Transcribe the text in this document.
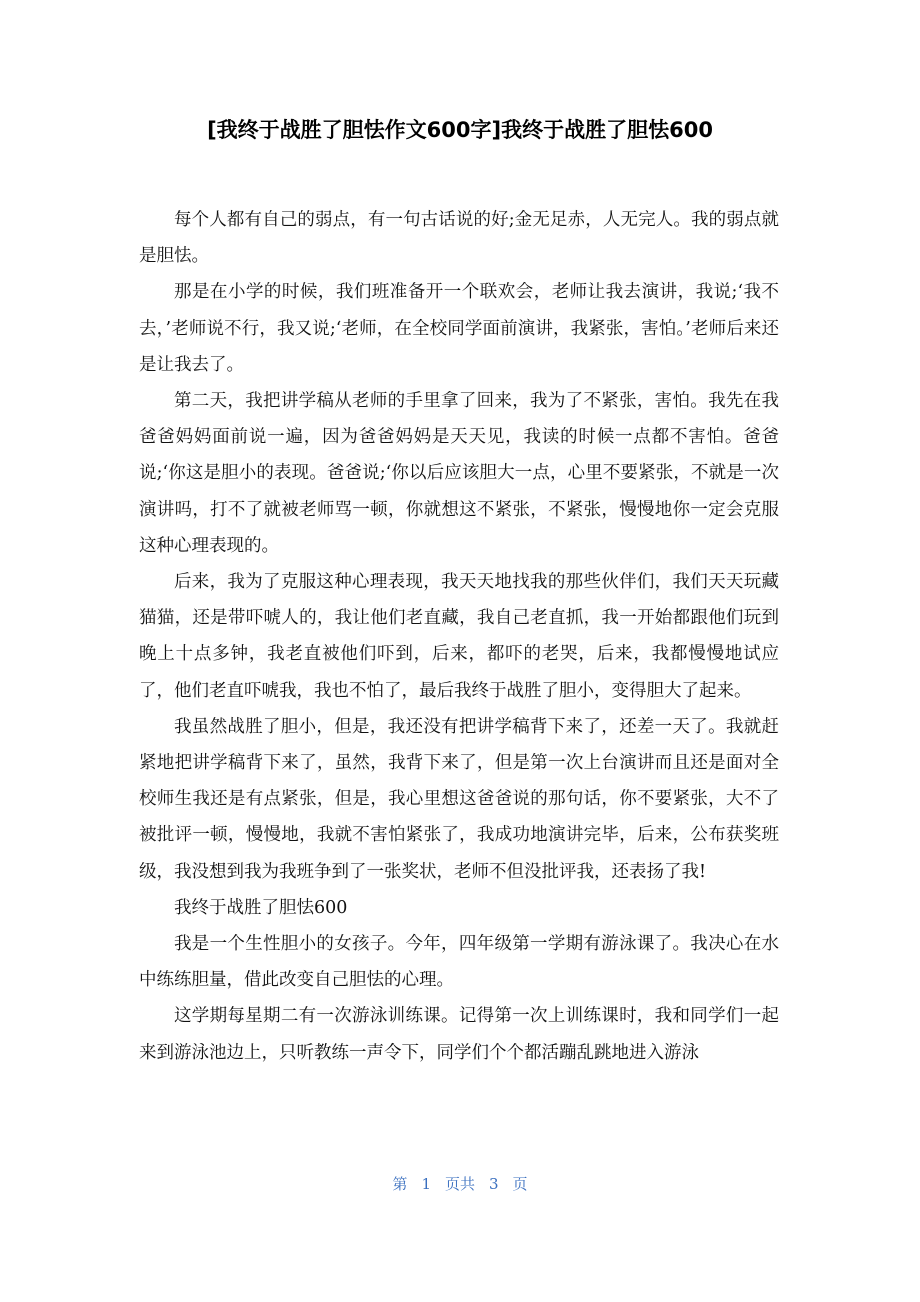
[我终于战胜了胆怯作文600字]我终于战胜了胆怯600

每个人都有自己的弱点，有一句古话说的好;金无足赤，人无完人。我的弱点就是胆怯。

那是在小学的时候，我们班准备开一个联欢会，老师让我去演讲，我说;‘我不去，’老师说不行，我又说;‘老师，在全校同学面前演讲，我紧张，害怕。’老师后来还是让我去了。

第二天，我把讲学稿从老师的手里拿了回来，我为了不紧张，害怕。我先在我爸爸妈妈面前说一遍，因为爸爸妈妈是天天见，我读的时候一点都不害怕。爸爸说;‘你这是胆小的表现。爸爸说;‘你以后应该胆大一点，心里不要紧张，不就是一次演讲吗，打不了就被老师骂一顿，你就想这不紧张，不紧张，慢慢地你一定会克服这种心理表现的。

后来，我为了克服这种心理表现，我天天地找我的那些伙伴们，我们天天玩藏猫猫，还是带吓唬人的，我让他们老直藏，我自己老直抓，我一开始都跟他们玩到晚上十点多钟，我老直被他们吓到，后来，都吓的老哭，后来，我都慢慢地试应了，他们老直吓唬我，我也不怕了，最后我终于战胜了胆小，变得胆大了起来。

我虽然战胜了胆小，但是，我还没有把讲学稿背下来了，还差一天了。我就赶紧地把讲学稿背下来了，虽然，我背下来了，但是第一次上台演讲而且还是面对全校师生我还是有点紧张，但是，我心里想这爸爸说的那句话，你不要紧张，大不了被批评一顿，慢慢地，我就不害怕紧张了，我成功地演讲完毕，后来，公布获奖班级，我没想到我为我班争到了一张奖状，老师不但没批评我，还表扬了我!

我终于战胜了胆怯600

我是一个生性胆小的女孩子。今年，四年级第一学期有游泳课了。我决心在水中练练胆量，借此改变自己胆怯的心理。

这学期每星期二有一次游泳训练课。记得第一次上训练课时，我和同学们一起来到游泳池边上，只听教练一声令下，同学们个个都活蹦乱跳地进入游泳

第 1 页共 3 页
